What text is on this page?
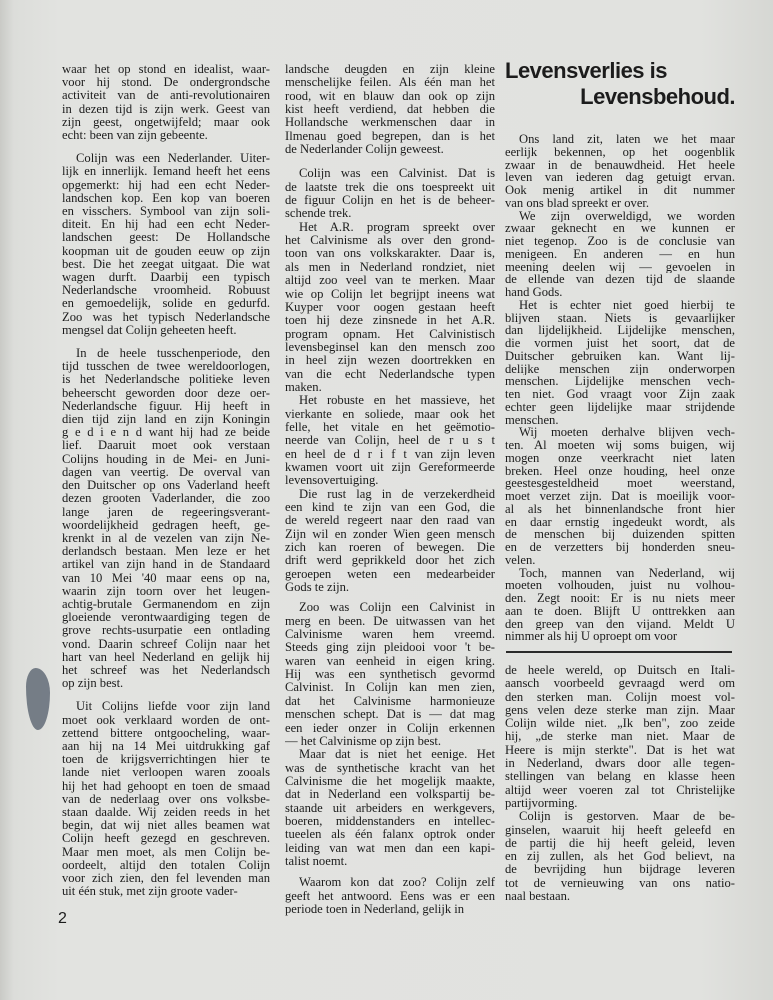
waar het op stond en idealist, waar-
voor hij stond. De ondergrondsche
activiteit van de anti-revolutionairen
in dezen tijd is zijn werk. Geest van
zijn geest, ongetwijfeld; maar ook
echt: been van zijn gebeente.
Colijn was een Nederlander. Uiter-
lijk en innerlijk. Iemand heeft het eens
opgemerkt: hij had een echt Neder-
landschen kop. Een kop van boeren
en visschers. Symbool van zijn soli-
diteit. En hij had een echt Neder-
landschen geest: De Hollandsche
koopman uit de gouden eeuw op zijn
best. Die het zeegat uitgaat. Die wat
wagen durft. Daarbij een typisch
Nederlandsche vroomheid. Robuust
en gemoedelijk, solide en gedurfd.
Zoo was het typisch Nederlandsche
mengsel dat Colijn geheeten heeft.
In de heele tusschenperiode, den
tijd tusschen de twee wereldoorlogen,
is het Nederlandsche politieke leven
beheerscht geworden door deze oer-
Nederlandsche figuur. Hij heeft in
dien tijd zijn land en zijn Koningin
g e d i e n d want hij had ze beide
lief. Daaruit moet ook verstaan
Colijns houding in de Mei- en Juni-
dagen van veertig. De overval van
den Duitscher op ons Vaderland heeft
dezen grooten Vaderlander, die zoo
lange jaren de regeeringsverant-
woordelijkheid gedragen heeft, ge-
krenkt in al de vezelen van zijn Ne-
derlandsch bestaan. Men leze er het
artikel van zijn hand in de Standaard
van 10 Mei '40 maar eens op na,
waarin zijn toorn over het leugen-
achtig-brutale Germanendom en zijn
gloeiende verontwaardiging tegen de
grove rechts-usurpatie een ontlading
vond. Daarin schreef Colijn naar het
hart van heel Nederland en gelijk hij
het schreef was het Nederlandsch
op zijn best.
Uit Colijns liefde voor zijn land
moet ook verklaard worden de ont-
zettend bittere ontgoocheling, waar-
aan hij na 14 Mei uitdrukking gaf
toen de krijgsverrichtingen hier te
lande niet verloopen waren zooals
hij het had gehoopt en toen de smaad
van de nederlaag over ons volksbe-
staan daalde. Wij zeiden reeds in het
begin, dat wij niet alles beamen wat
Colijn heeft gezegd en geschreven.
Maar men moet, als men Colijn be-
oordeelt, altijd den totalen Colijn
voor zich zien, den fel levenden man
uit één stuk, met zijn groote vader-
landsche deugden en zijn kleine
menschelijke feilen. Als één man het
rood, wit en blauw dan ook op zijn
kist heeft verdiend, dat hebben die
Hollandsche werkmenschen daar in
Ilmenau goed begrepen, dan is het
de Nederlander Colijn geweest.
Colijn was een Calvinist. Dat is
de laatste trek die ons toespreekt uit
de figuur Colijn en het is de beheer-
schende trek.
Het A.R. program spreekt over
het Calvinisme als over den grond-
toon van ons volkskarakter. Daar is,
als men in Nederland rondziet, niet
altijd zoo veel van te merken. Maar
wie op Colijn let begrijpt ineens wat
Kuyper voor oogen gestaan heeft
toen hij deze zinsnede in het A.R.
program opnam. Het Calvinistisch
levensbeginsel kan den mensch zoo
in heel zijn wezen doortrekken en
van die echt Nederlandsche typen
maken.
Het robuste en het massieve, het
vierkante en soliede, maar ook het
felle, het vitale en het geëmotio-
neerde van Colijn, heel de r u s t
en heel de d r i f t van zijn leven
kwamen voort uit zijn Gereformeerde
levensovertuiging.
Die rust lag in de verzekerdheid
een kind te zijn van een God, die
de wereld regeert naar den raad van
Zijn wil en zonder Wien geen mensch
zich kan roeren of bewegen. Die
drift werd geprikkeld door het zich
geroepen weten een medearbeider
Gods te zijn.
Zoo was Colijn een Calvinist in
merg en been. De uitwassen van het
Calvinisme waren hem vreemd.
Steeds ging zijn pleidooi voor 't be-
waren van eenheid in eigen kring.
Hij was een synthetisch gevormd
Calvinist. In Colijn kan men zien,
dat het Calvinisme harmonieuze
menschen schept. Dat is — dat mag
een ieder onzer in Colijn erkennen
— het Calvinisme op zijn best.
Maar dat is niet het eenige. Het
was de synthetische kracht van het
Calvinisme die het mogelijk maakte,
dat in Nederland een volkspartij be-
staande uit arbeiders en werkgevers,
boeren, middenstanders en intellec-
tueelen als één falanx optrok onder
leiding van wat men dan een kapi-
talist noemt.
Waarom kon dat zoo? Colijn zelf
geeft het antwoord. Eens was er een
periode toen in Nederland, gelijk in
Levensverlies is
Levensbehoud.
Ons land zit, laten we het maar
eerlijk bekennen, op het oogenblik
zwaar in de benauwdheid. Het heele
leven van iederen dag getuigt ervan.
Ook menig artikel in dit nummer
van ons blad spreekt er over.
We zijn overweldigd, we worden
zwaar geknecht en we kunnen er
niet tegenop. Zoo is de conclusie van
menigeen. En anderen — en hun
meening deelen wij — gevoelen in
de ellende van dezen tijd de slaande
hand Gods.
Het is echter niet goed hierbij te
blijven staan. Niets is gevaarlijker
dan lijdelijkheid. Lijdelijke menschen,
die vormen juist het soort, dat de
Duitscher gebruiken kan. Want lij-
delijke menschen zijn onderworpen
menschen. Lijdelijke menschen vech-
ten niet. God vraagt voor Zijn zaak
echter geen lijdelijke maar strijdende
menschen.
Wij moeten derhalve blijven vech-
ten. Al moeten wij soms buigen, wij
mogen onze veerkracht niet laten
breken. Heel onze houding, heel onze
geestesgesteldheid moet weerstand,
moet verzet zijn. Dat is moeilijk voor-
al als het binnenlandsche front hier
en daar ernstig ingedeukt wordt, als
de menschen bij duizenden spitten
en de verzetters bij honderden sneu-
velen.
Toch, mannen van Nederland, wij
moeten volhouden, juist nu volhou-
den. Zegt nooit: Er is nu niets meer
aan te doen. Blijft U onttrekken aan
den greep van den vijand. Meldt U
nimmer als hij U oproept om voor
de heele wereld, op Duitsch en Itali-
aansch voorbeeld gevraagd werd om
den sterken man. Colijn moest vol-
gens velen deze sterke man zijn. Maar
Colijn wilde niet. „Ik ben", zoo zeide
hij, „de sterke man niet. Maar de
Heere is mijn sterkte". Dat is het wat
in Nederland, dwars door alle tegen-
stellingen van belang en klasse heen
altijd weer voeren zal tot Christelijke
partijvorming.
Colijn is gestorven. Maar de be-
ginselen, waaruit hij heeft geleefd en
de partij die hij heeft geleid, leven
en zij zullen, als het God believt, na
de bevrijding hun bijdrage leveren
tot de vernieuwing van ons natio-
naal bestaan.
2
